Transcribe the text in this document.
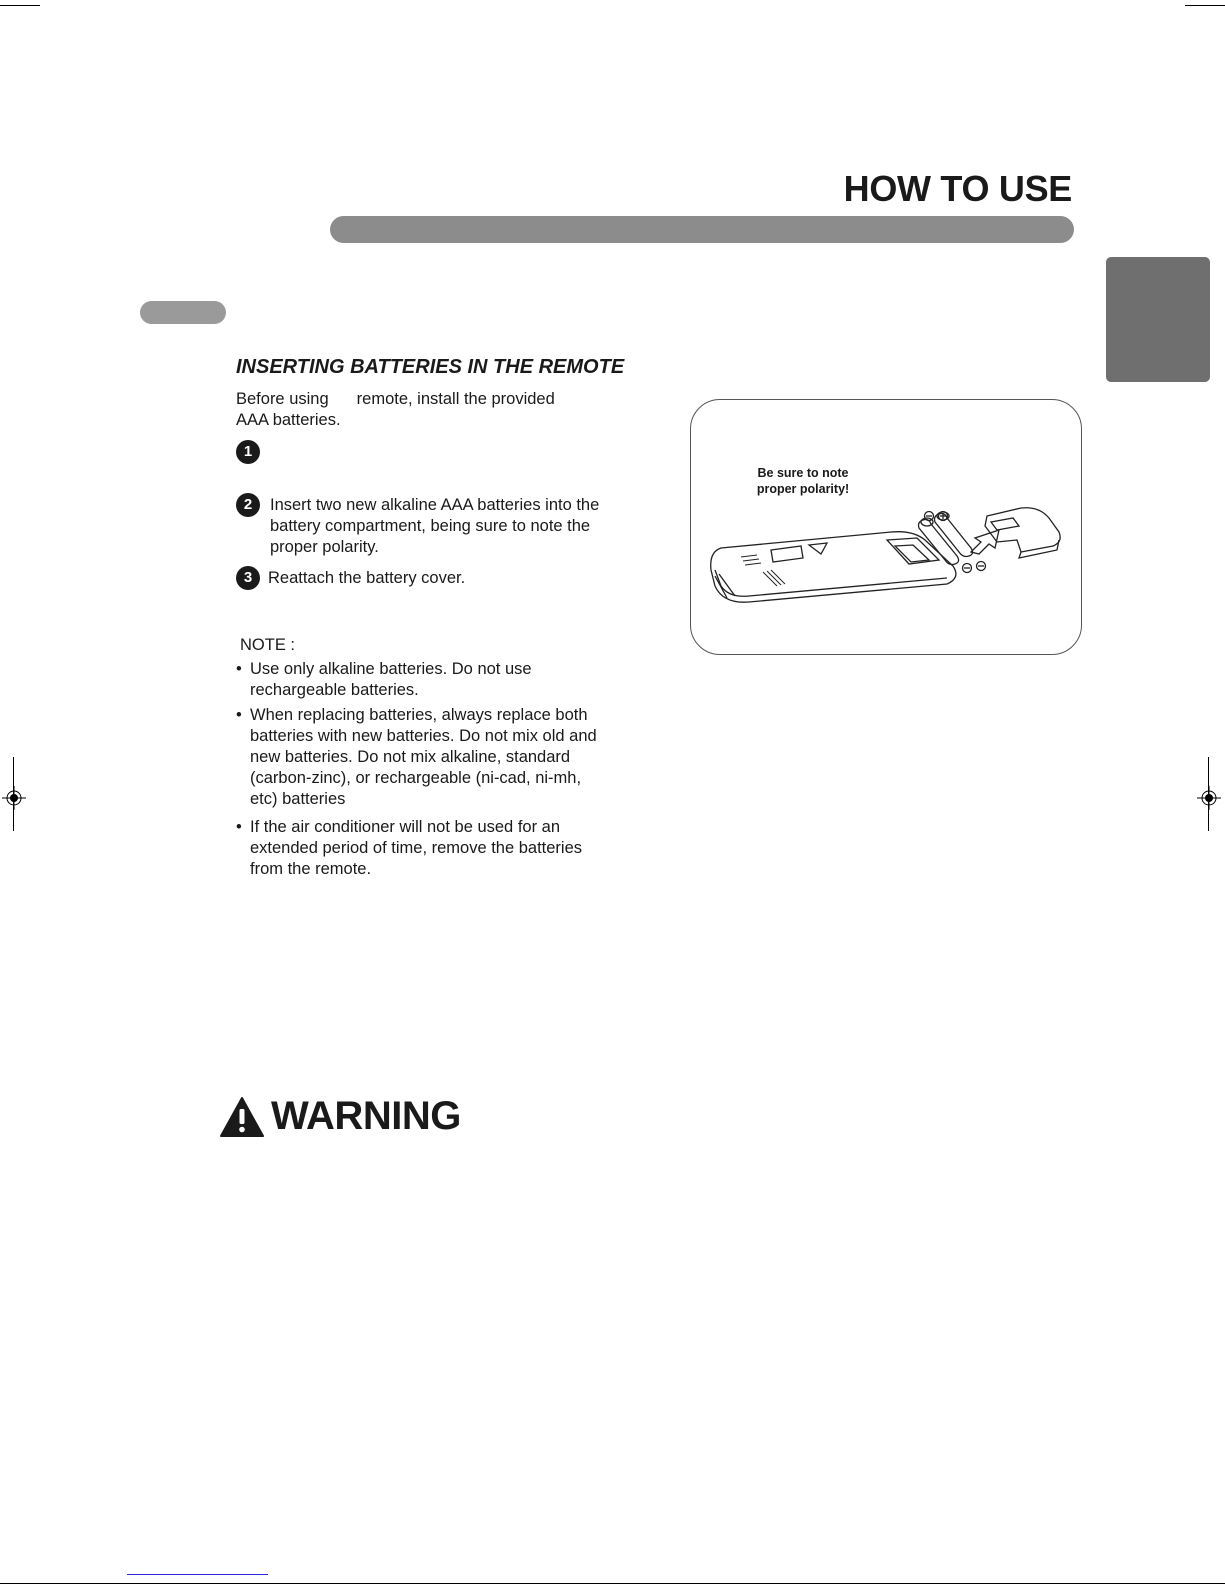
HOW TO USE
INSERTING BATTERIES IN THE REMOTE
Before using remote, install the provided
AAA batteries.
1
2	Insert two new alkaline AAA batteries into the battery compartment, being sure to note the proper polarity.
3 Reattach the battery cover.
NOTE :
• Use only alkaline batteries. Do not use rechargeable batteries.
• When replacing batteries, always replace both batteries with new batteries. Do not mix old and new batteries. Do not mix alkaline, standard (carbon-zinc), or rechargeable (ni-cad, ni-mh, etc) batteries
• If the air conditioner will not be used for an extended period of time, remove the batteries from the remote.
Be sure to note
proper polarity!
WARNING
